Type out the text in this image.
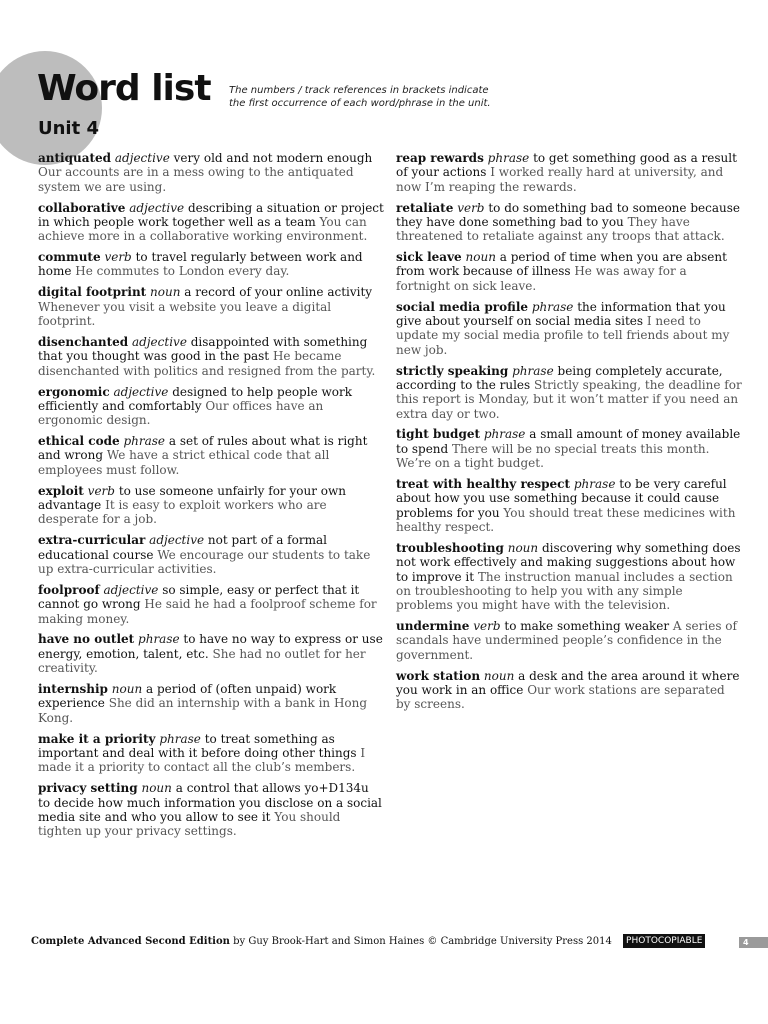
Word list
Unit 4
The numbers / track references in brackets indicate
the first occurrence of each word/phrase in the unit.

antiquated adjective very old and not modern enough Our accounts are in a mess owing to the antiquated system we are using.

collaborative adjective describing a situation or project in which people work together well as a team You can achieve more in a collaborative working environment.

commute verb to travel regularly between work and home He commutes to London every day.

digital footprint noun a record of your online activity Whenever you visit a website you leave a digital footprint.

disenchanted adjective disappointed with something that you thought was good in the past He became disenchanted with politics and resigned from the party.

ergonomic adjective designed to help people work efficiently and comfortably Our offices have an ergonomic design.

ethical code phrase a set of rules about what is right and wrong We have a strict ethical code that all employees must follow.

exploit verb to use someone unfairly for your own advantage It is easy to exploit workers who are desperate for a job.

extra-curricular adjective not part of a formal educational course We encourage our students to take up extra-curricular activities.

foolproof adjective so simple, easy or perfect that it cannot go wrong He said he had a foolproof scheme for making money.

have no outlet phrase to have no way to express or use energy, emotion, talent, etc. She had no outlet for her creativity.

internship noun a period of (often unpaid) work experience She did an internship with a bank in Hong Kong.

make it a priority phrase to treat something as important and deal with it before doing other things I made it a priority to contact all the club’s members.

privacy setting noun a control that allows yo+D134u to decide how much information you disclose on a social media site and who you allow to see it You should tighten up your privacy settings.

reap rewards phrase to get something good as a result of your actions I worked really hard at university, and now I’m reaping the rewards.

retaliate verb to do something bad to someone because they have done something bad to you They have threatened to retaliate against any troops that attack.

sick leave noun a period of time when you are absent from work because of illness He was away for a fortnight on sick leave.

social media profile phrase the information that you give about yourself on social media sites I need to update my social media profile to tell friends about my new job.

strictly speaking phrase being completely accurate, according to the rules Strictly speaking, the deadline for this report is Monday, but it won’t matter if you need an extra day or two.

tight budget phrase a small amount of money available to spend There will be no special treats this month. We’re on a tight budget.

treat with healthy respect phrase to be very careful about how you use something because it could cause problems for you You should treat these medicines with healthy respect.

troubleshooting noun discovering why something does not work effectively and making suggestions about how to improve it The instruction manual includes a section on troubleshooting to help you with any simple problems you might have with the television.

undermine verb to make something weaker A series of scandals have undermined people’s confidence in the government.

work station noun a desk and the area around it where you work in an office Our work stations are separated by screens.

Complete Advanced Second Edition by Guy Brook-Hart and Simon Haines © Cambridge University Press 2014 PHOTOCOPIABLE	4
